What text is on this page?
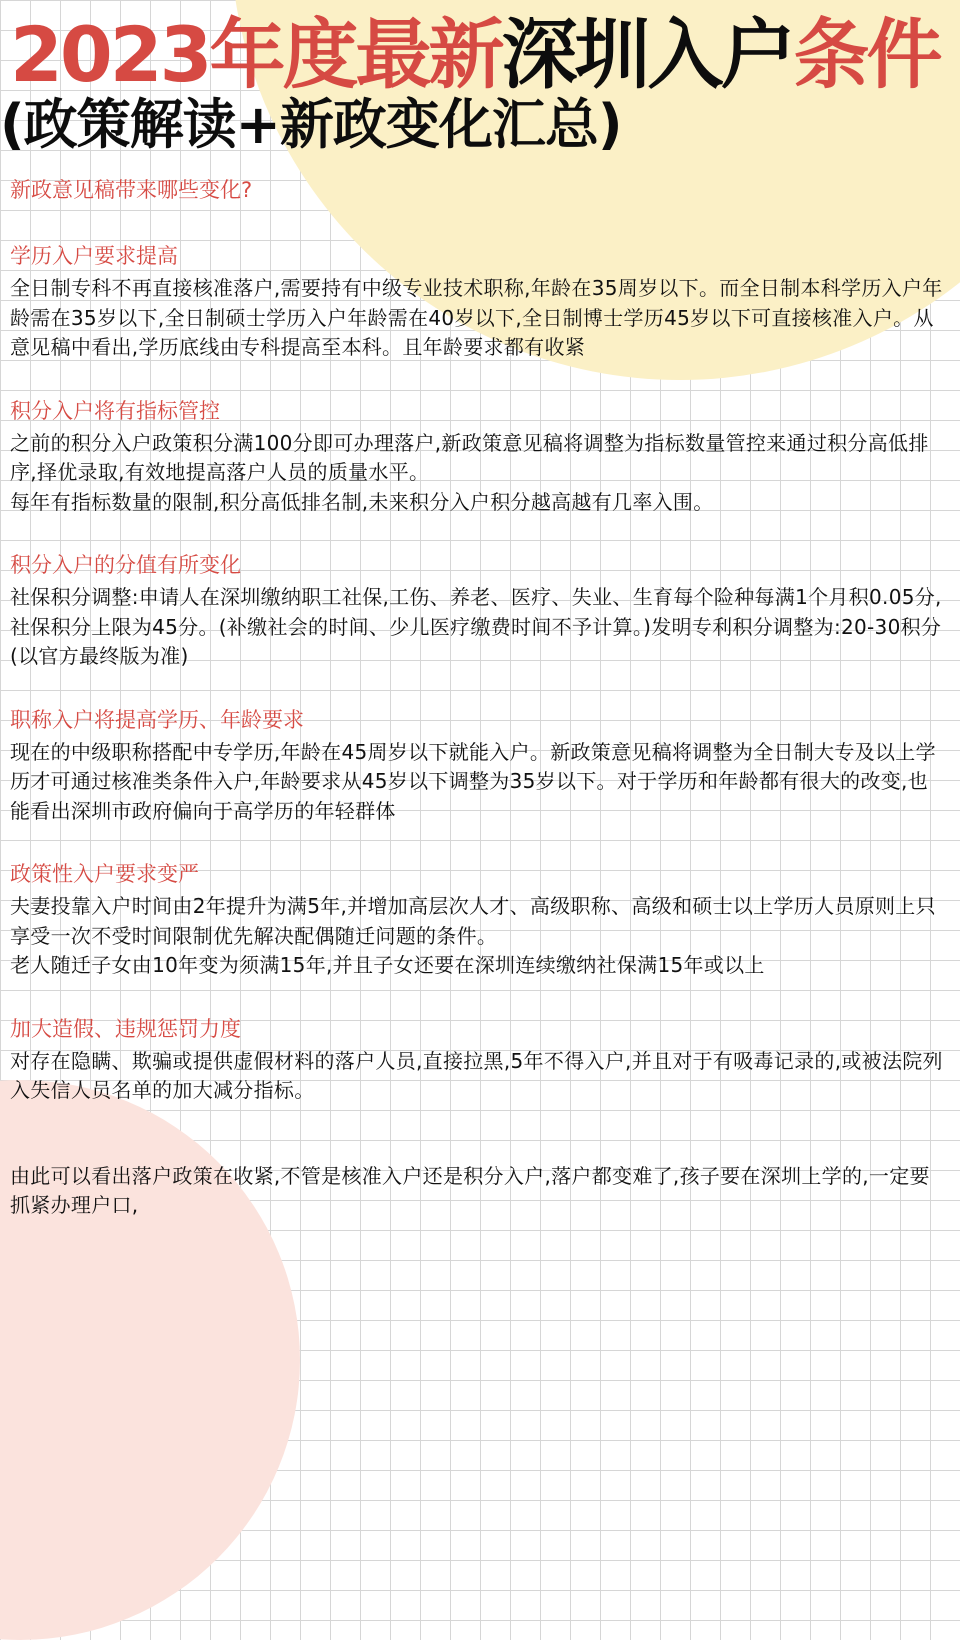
2023年度最新深圳入户条件
(政策解读+新政变化汇总)

新政意见稿带来哪些变化?

学历入户要求提高

全日制专科不再直接核准落户,需要持有中级专业技术职称,年龄在35周岁以下。而全日制本科学历入户年龄需在35岁以下,全日制硕士学历入户年龄需在40岁以下,全日制博士学历45岁以下可直接核准入户。从意见稿中看出,学历底线由专科提高至本科。且年龄要求都有收紧

积分入户将有指标管控

之前的积分入户政策积分满100分即可办理落户,新政策意见稿将调整为指标数量管控来通过积分高低排序,择优录取,有效地提高落户人员的质量水平。

每年有指标数量的限制,积分高低排名制,未来积分入户积分越高越有几率入围。

积分入户的分值有所变化

社保积分调整:申请人在深圳缴纳职工社保,工伤、养老、医疗、失业、生育每个险种每满1个月积0.05分,社保积分上限为45分。(补缴社会的时间、少儿医疗缴费时间不予计算。)发明专利积分调整为:20-30积分(以官方最终版为准)

职称入户将提高学历、年龄要求

现在的中级职称搭配中专学历,年龄在45周岁以下就能入户。新政策意见稿将调整为全日制大专及以上学历才可通过核准类条件入户,年龄要求从45岁以下调整为35岁以下。对于学历和年龄都有很大的改变,也能看出深圳市政府偏向于高学历的年轻群体

政策性入户要求变严

夫妻投靠入户时间由2年提升为满5年,并增加高层次人才、高级职称、高级和硕士以上学历人员原则上只享受一次不受时间限制优先解决配偶随迁问题的条件。

老人随迁子女由10年变为须满15年,并且子女还要在深圳连续缴纳社保满15年或以上

加大造假、违规惩罚力度

对存在隐瞒、欺骗或提供虚假材料的落户人员,直接拉黑,5年不得入户,并且对于有吸毒记录的,或被法院列入失信人员名单的加大减分指标。

由此可以看出落户政策在收紧,不管是核准入户还是积分入户,落户都变难了,孩子要在深圳上学的,一定要抓紧办理户口,
